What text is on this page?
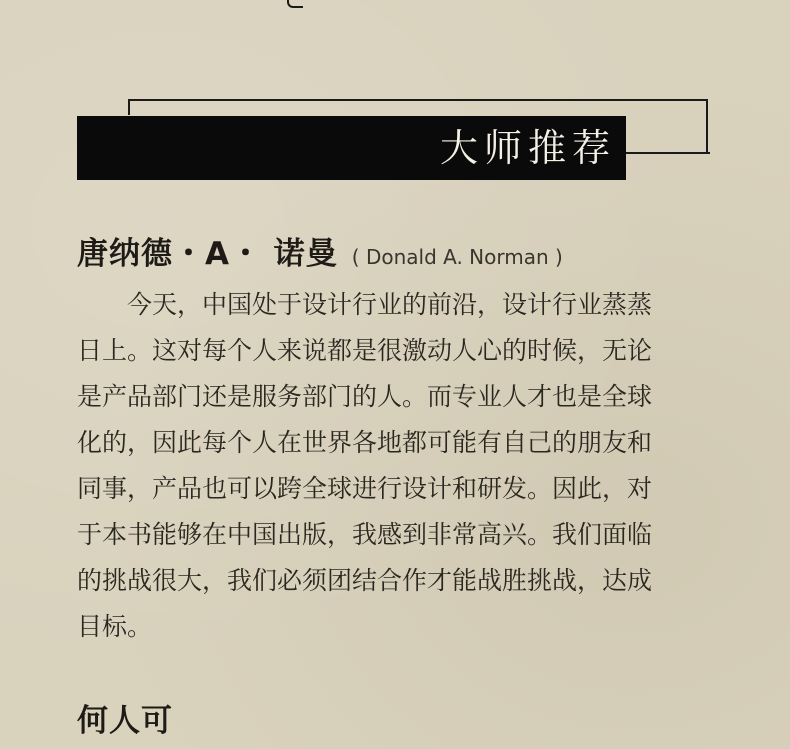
大师推荐
唐纳德・A・ 诺曼 ( Donald A. Norman )

今天，中国处于设计行业的前沿，设计行业蒸蒸
日上。这对每个人来说都是很激动人心的时候，无论
是产品部门还是服务部门的人。而专业人才也是全球
化的，因此每个人在世界各地都可能有自己的朋友和
同事，产品也可以跨全球进行设计和研发。因此，对
于本书能够在中国出版，我感到非常高兴。我们面临
的挑战很大，我们必须团结合作才能战胜挑战，达成
目标。

何人可
